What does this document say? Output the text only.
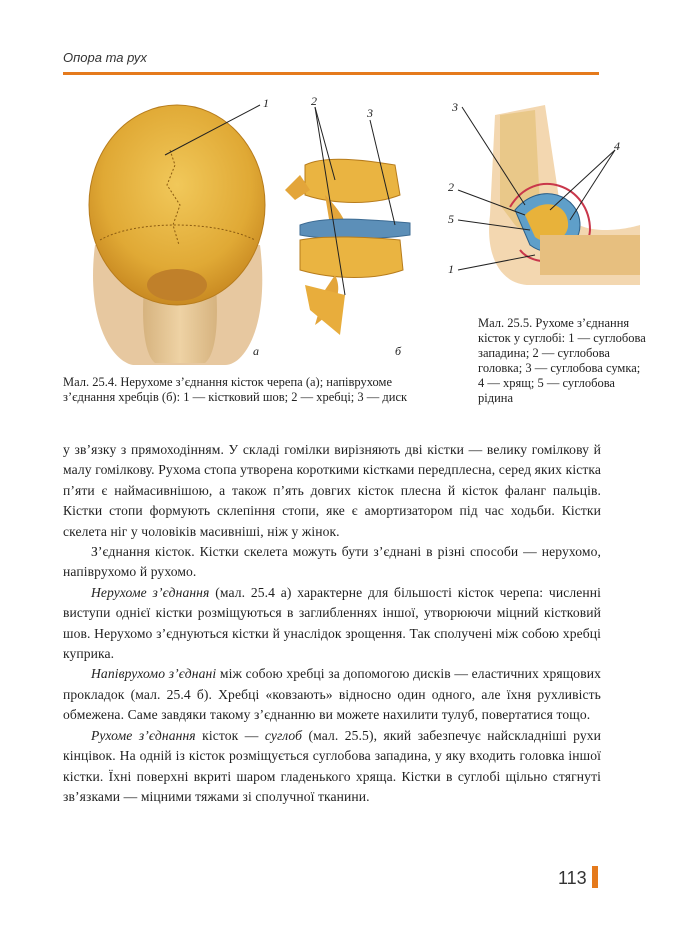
Опора та рух
1
а
2
3
б
3
4
2
5
1
Мал. 25.4. Нерухоме з’єднання кісток черепа (а); напіврухоме з’єднання хребців (б): 1 — кістковий шов; 2 — хребці; 3 — диск
Мал. 25.5. Рухоме з’єднання кісток у суглобі: 1 — суглобова западина; 2 — суглобова головка; 3 — суглобова сумка; 4 — хрящ; 5 — суглобова рідина

у зв’язку з прямоходінням. У складі гомілки вирізняють дві кістки — велику гомілкову й малу гомілкову. Рухома стопа утворена короткими кістками передплесна, серед яких кістка п’яти є наймасивнішою, а також п’ять довгих кісток плесна й кісток фаланг пальців. Кістки стопи формують склепіння стопи, яке є амортизатором під час ходьби. Кістки скелета ніг у чоловіків масивніші, ніж у жінок.

З’єднання кісток. Кістки скелета можуть бути з’єднані в різні способи — нерухомо, напіврухомо й рухомо.

Нерухоме з’єднання (мал. 25.4 а) характерне для більшості кісток черепа: численні виступи однієї кістки розміщуються в заглибленнях іншої, утворюючи міцний кістковий шов. Нерухомо з’єднуються кістки й унаслідок зрощення. Так сполучені між собою хребці куприка.

Напіврухомо з’єднані між собою хребці за допомогою дисків — еластичних хрящових прокладок (мал. 25.4 б). Хребці «ковзають» відносно один одного, але їхня рухливість обмежена. Саме завдяки такому з’єднанню ви можете нахилити тулуб, повертатися тощо.

Рухоме з’єднання кісток — суглоб (мал. 25.5), який забезпечує найскладніші рухи кінцівок. На одній із кісток розміщується суглобова западина, у яку входить головка іншої кістки. Їхні поверхні вкриті шаром гладенького хряща. Кістки в суглобі щільно стягнуті зв’язками — міцними тяжами зі сполучної тканини.

113
